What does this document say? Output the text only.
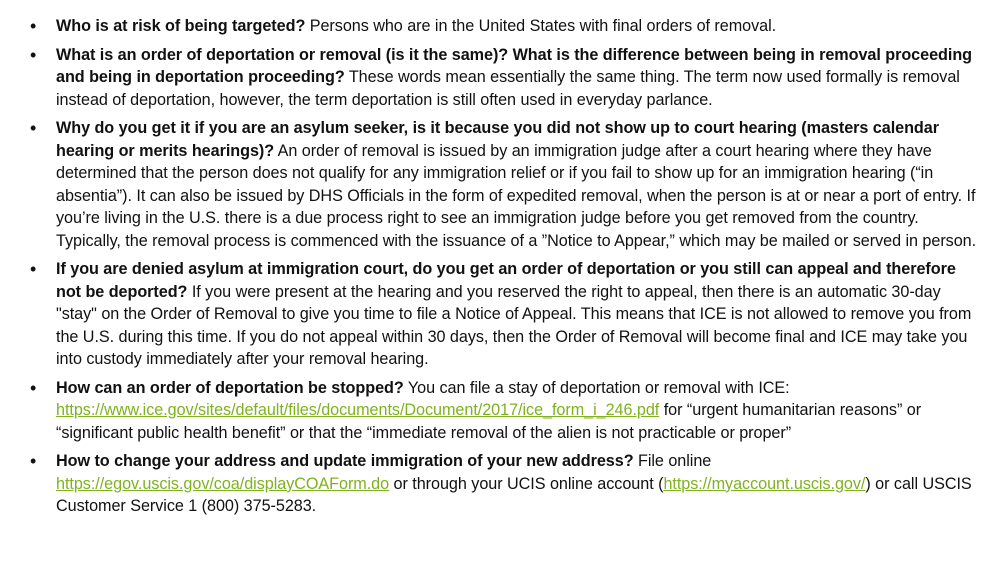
• Who is at risk of being targeted? Persons who are in the United States with final orders of removal.
• What is an order of deportation or removal (is it the same)? What is the difference between being in removal proceeding and being in deportation proceeding? These words mean essentially the same thing. The term now used formally is removal instead of deportation, however, the term deportation is still often used in everyday parlance.
• Why do you get it if you are an asylum seeker, is it because you did not show up to court hearing (masters calendar hearing or merits hearings)? An order of removal is issued by an immigration judge after a court hearing where they have determined that the person does not qualify for any immigration relief or if you fail to show up for an immigration hearing (“in absentia”). It can also be issued by DHS Officials in the form of expedited removal, when the person is at or near a port of entry. If you’re living in the U.S. there is a due process right to see an immigration judge before you get removed from the country. Typically, the removal process is commenced with the issuance of a ”Notice to Appear,” which may be mailed or served in person.
• If you are denied asylum at immigration court, do you get an order of deportation or you still can appeal and therefore not be deported? If you were present at the hearing and you reserved the right to appeal, then there is an automatic 30-day "stay" on the Order of Removal to give you time to file a Notice of Appeal. This means that ICE is not allowed to remove you from the U.S. during this time. If you do not appeal within 30 days, then the Order of Removal will become final and ICE may take you into custody immediately after your removal hearing.
• How can an order of deportation be stopped? You can file a stay of deportation or removal with ICE: https://www.ice.gov/sites/default/files/documents/Document/2017/ice_form_i_246.pdf for “urgent humanitarian reasons” or “significant public health benefit” or that the “immediate removal of the alien is not practicable or proper”
• How to change your address and update immigration of your new address? File online https://egov.uscis.gov/coa/displayCOAForm.do or through your UCIS online account (https://myaccount.uscis.gov/) or call USCIS Customer Service 1 (800) 375-5283.
